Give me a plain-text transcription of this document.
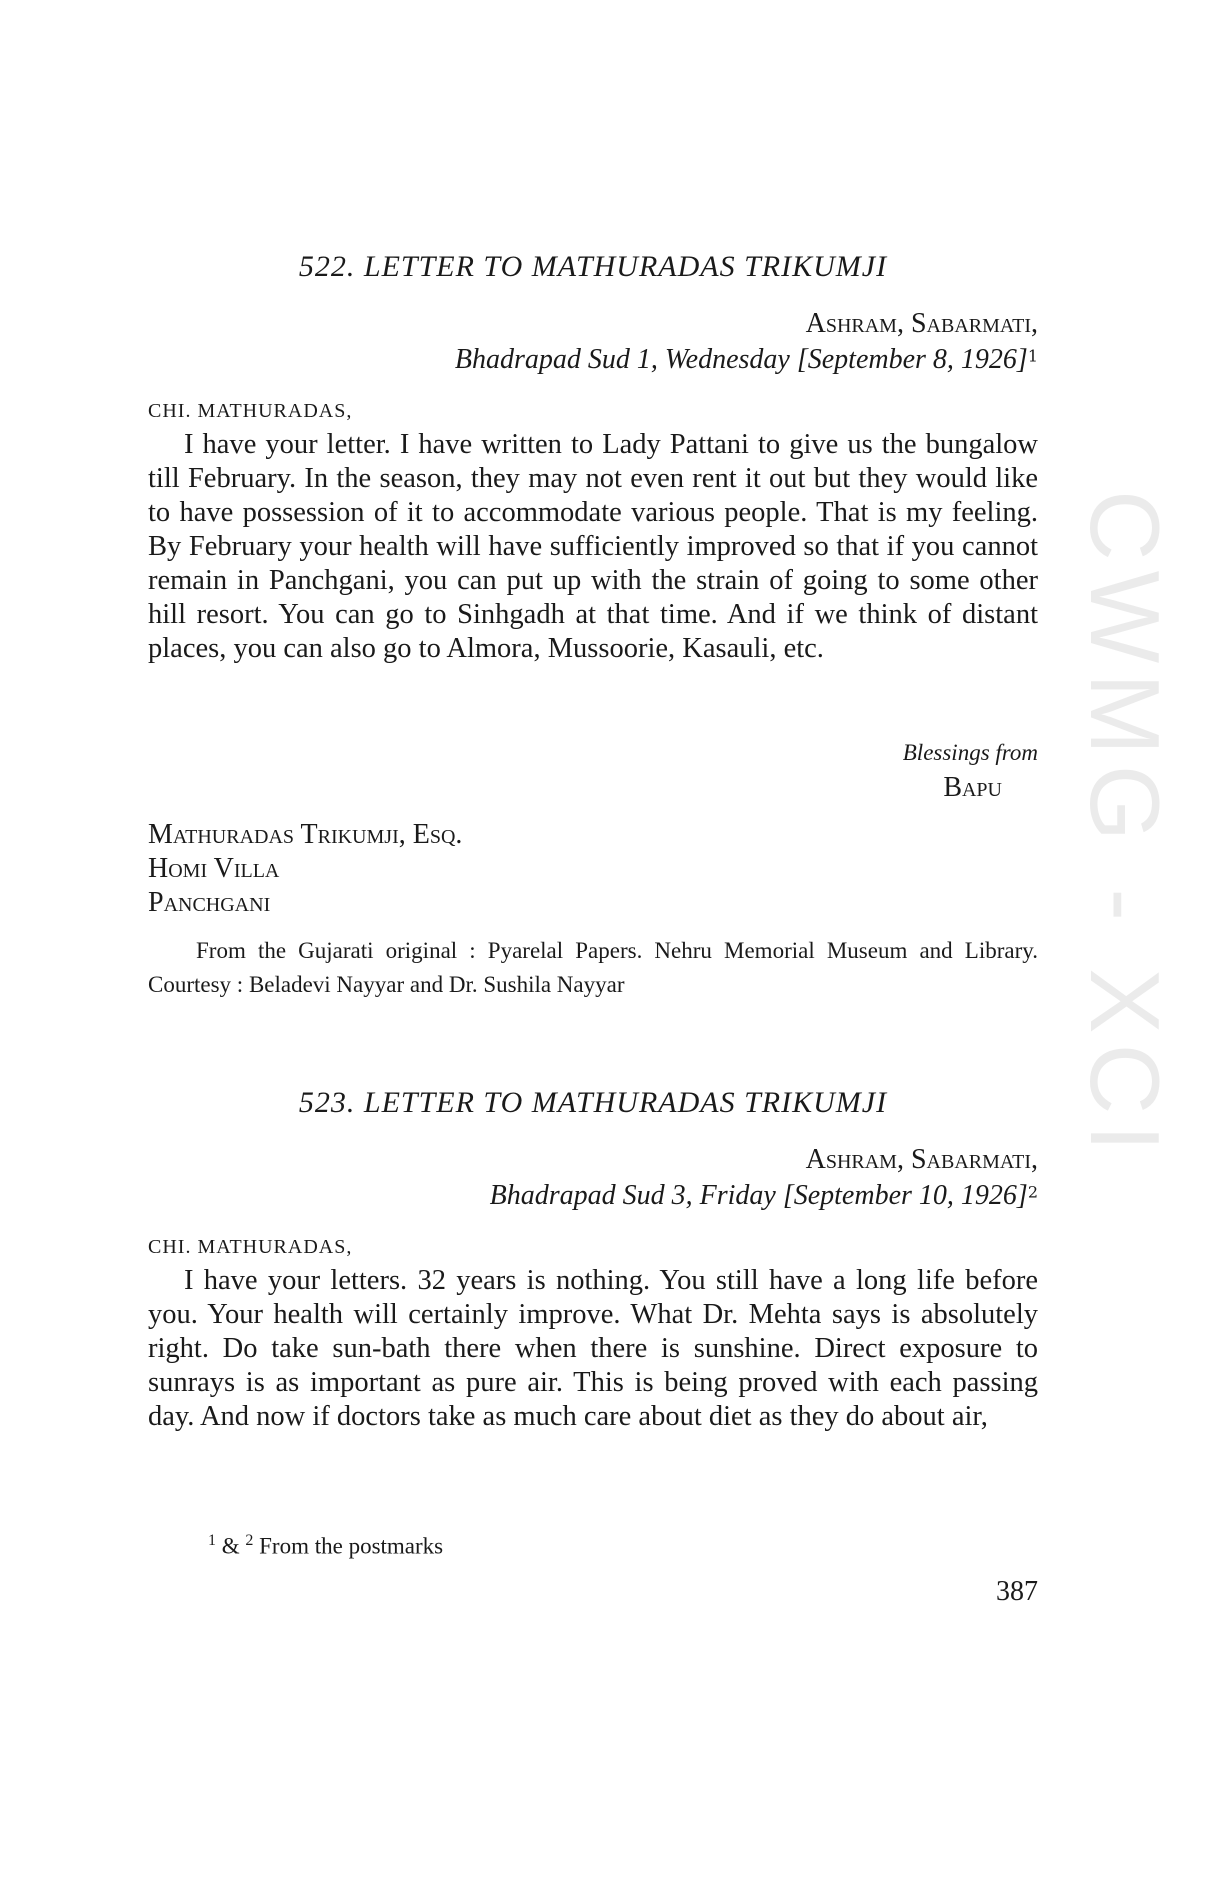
CWMG - XCI

522. LETTER TO MATHURADAS TRIKUMJI

Ashram, Sabarmati,

Bhadrapad Sud 1, Wednesday [September 8, 1926]$^1$

CHI. MATHURADAS,

I have your letter. I have written to Lady Pattani to give us the bungalow till February. In the season, they may not even rent it out but they would like to have possession of it to accommodate various people. That is my feeling. By February your health will have sufficiently improved so that if you cannot remain in Panchgani, you can put up with the strain of going to some other hill resort. You can go to Sinhgadh at that time. And if we think of distant places, you can also go to Almora, Mussoorie, Kasauli, etc.

Blessings from

Bapu

Mathuradas Trikumji, Esq.

Homi Villa

Panchgani

From the Gujarati original : Pyarelal Papers. Nehru Memorial Museum and Library. Courtesy : Beladevi Nayyar and Dr. Sushila Nayyar

523. LETTER TO MATHURADAS TRIKUMJI

Ashram, Sabarmati,

Bhadrapad Sud 3, Friday [September 10, 1926]$^2$

CHI. MATHURADAS,

I have your letters. 32 years is nothing. You still have a long life before you. Your health will certainly improve. What Dr. Mehta says is absolutely right. Do take sun-bath there when there is sunshine. Direct exposure to sunrays is as important as pure air. This is being proved with each passing day. And now if doctors take as much care about diet as they do about air,

$^1$ & $^2$ From the postmarks

387
